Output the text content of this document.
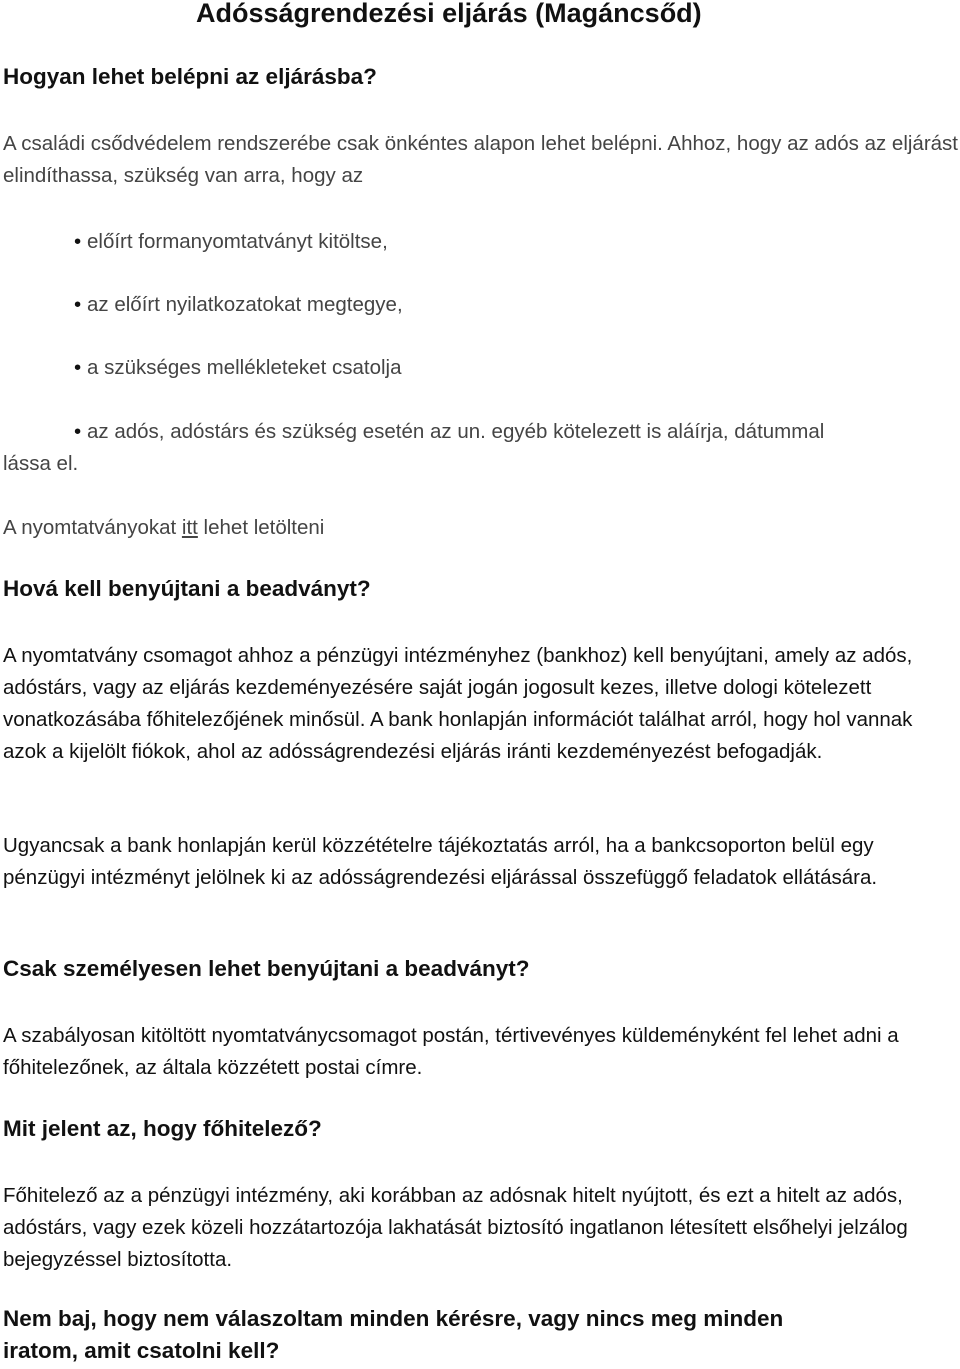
Adósságrendezési eljárás (Magáncsőd)
Hogyan lehet belépni az eljárásba?

A családi csődvédelem rendszerébe csak önkéntes alapon lehet belépni. Ahhoz, hogy az adós az eljárást elindíthassa, szükség van arra, hogy az

• előírt formanyomtatványt kitöltse,
• az előírt nyilatkozatokat megtegye,
• a szükséges mellékleteket csatolja
• az adós, adóstárs és szükség esetén az un. egyéb kötelezett is aláírja, dátummal
lássa el.

A nyomtatványokat itt lehet letölteni

Hová kell benyújtani a beadványt?

A nyomtatvány csomagot ahhoz a pénzügyi intézményhez (bankhoz) kell benyújtani, amely az adós, adóstárs, vagy az eljárás kezdeményezésére saját jogán jogosult kezes, illetve dologi kötelezett vonatkozásába főhitelezőjének minősül. A bank honlapján információt találhat arról, hogy hol vannak azok a kijelölt fiókok, ahol az adósságrendezési eljárás iránti kezdeményezést befogadják.

Ugyancsak a bank honlapján kerül közzétételre tájékoztatás arról, ha a bankcsoporton belül egy pénzügyi intézményt jelölnek ki az adósságrendezési eljárással összefüggő feladatok ellátására.

Csak személyesen lehet benyújtani a beadványt?

A szabályosan kitöltött nyomtatványcsomagot postán, tértivevényes küldeményként fel lehet adni a főhitelezőnek, az általa közzétett postai címre.

Mit jelent az, hogy főhitelező?

Főhitelező az a pénzügyi intézmény, aki korábban az adósnak hitelt nyújtott, és ezt a hitelt az adós, adóstárs, vagy ezek közeli hozzátartozója lakhatását biztosító ingatlanon létesített elsőhelyi jelzálog bejegyzéssel biztosította.

Nem baj, hogy nem válaszoltam minden kérésre, vagy nincs meg minden
iratom, amit csatolni kell?
